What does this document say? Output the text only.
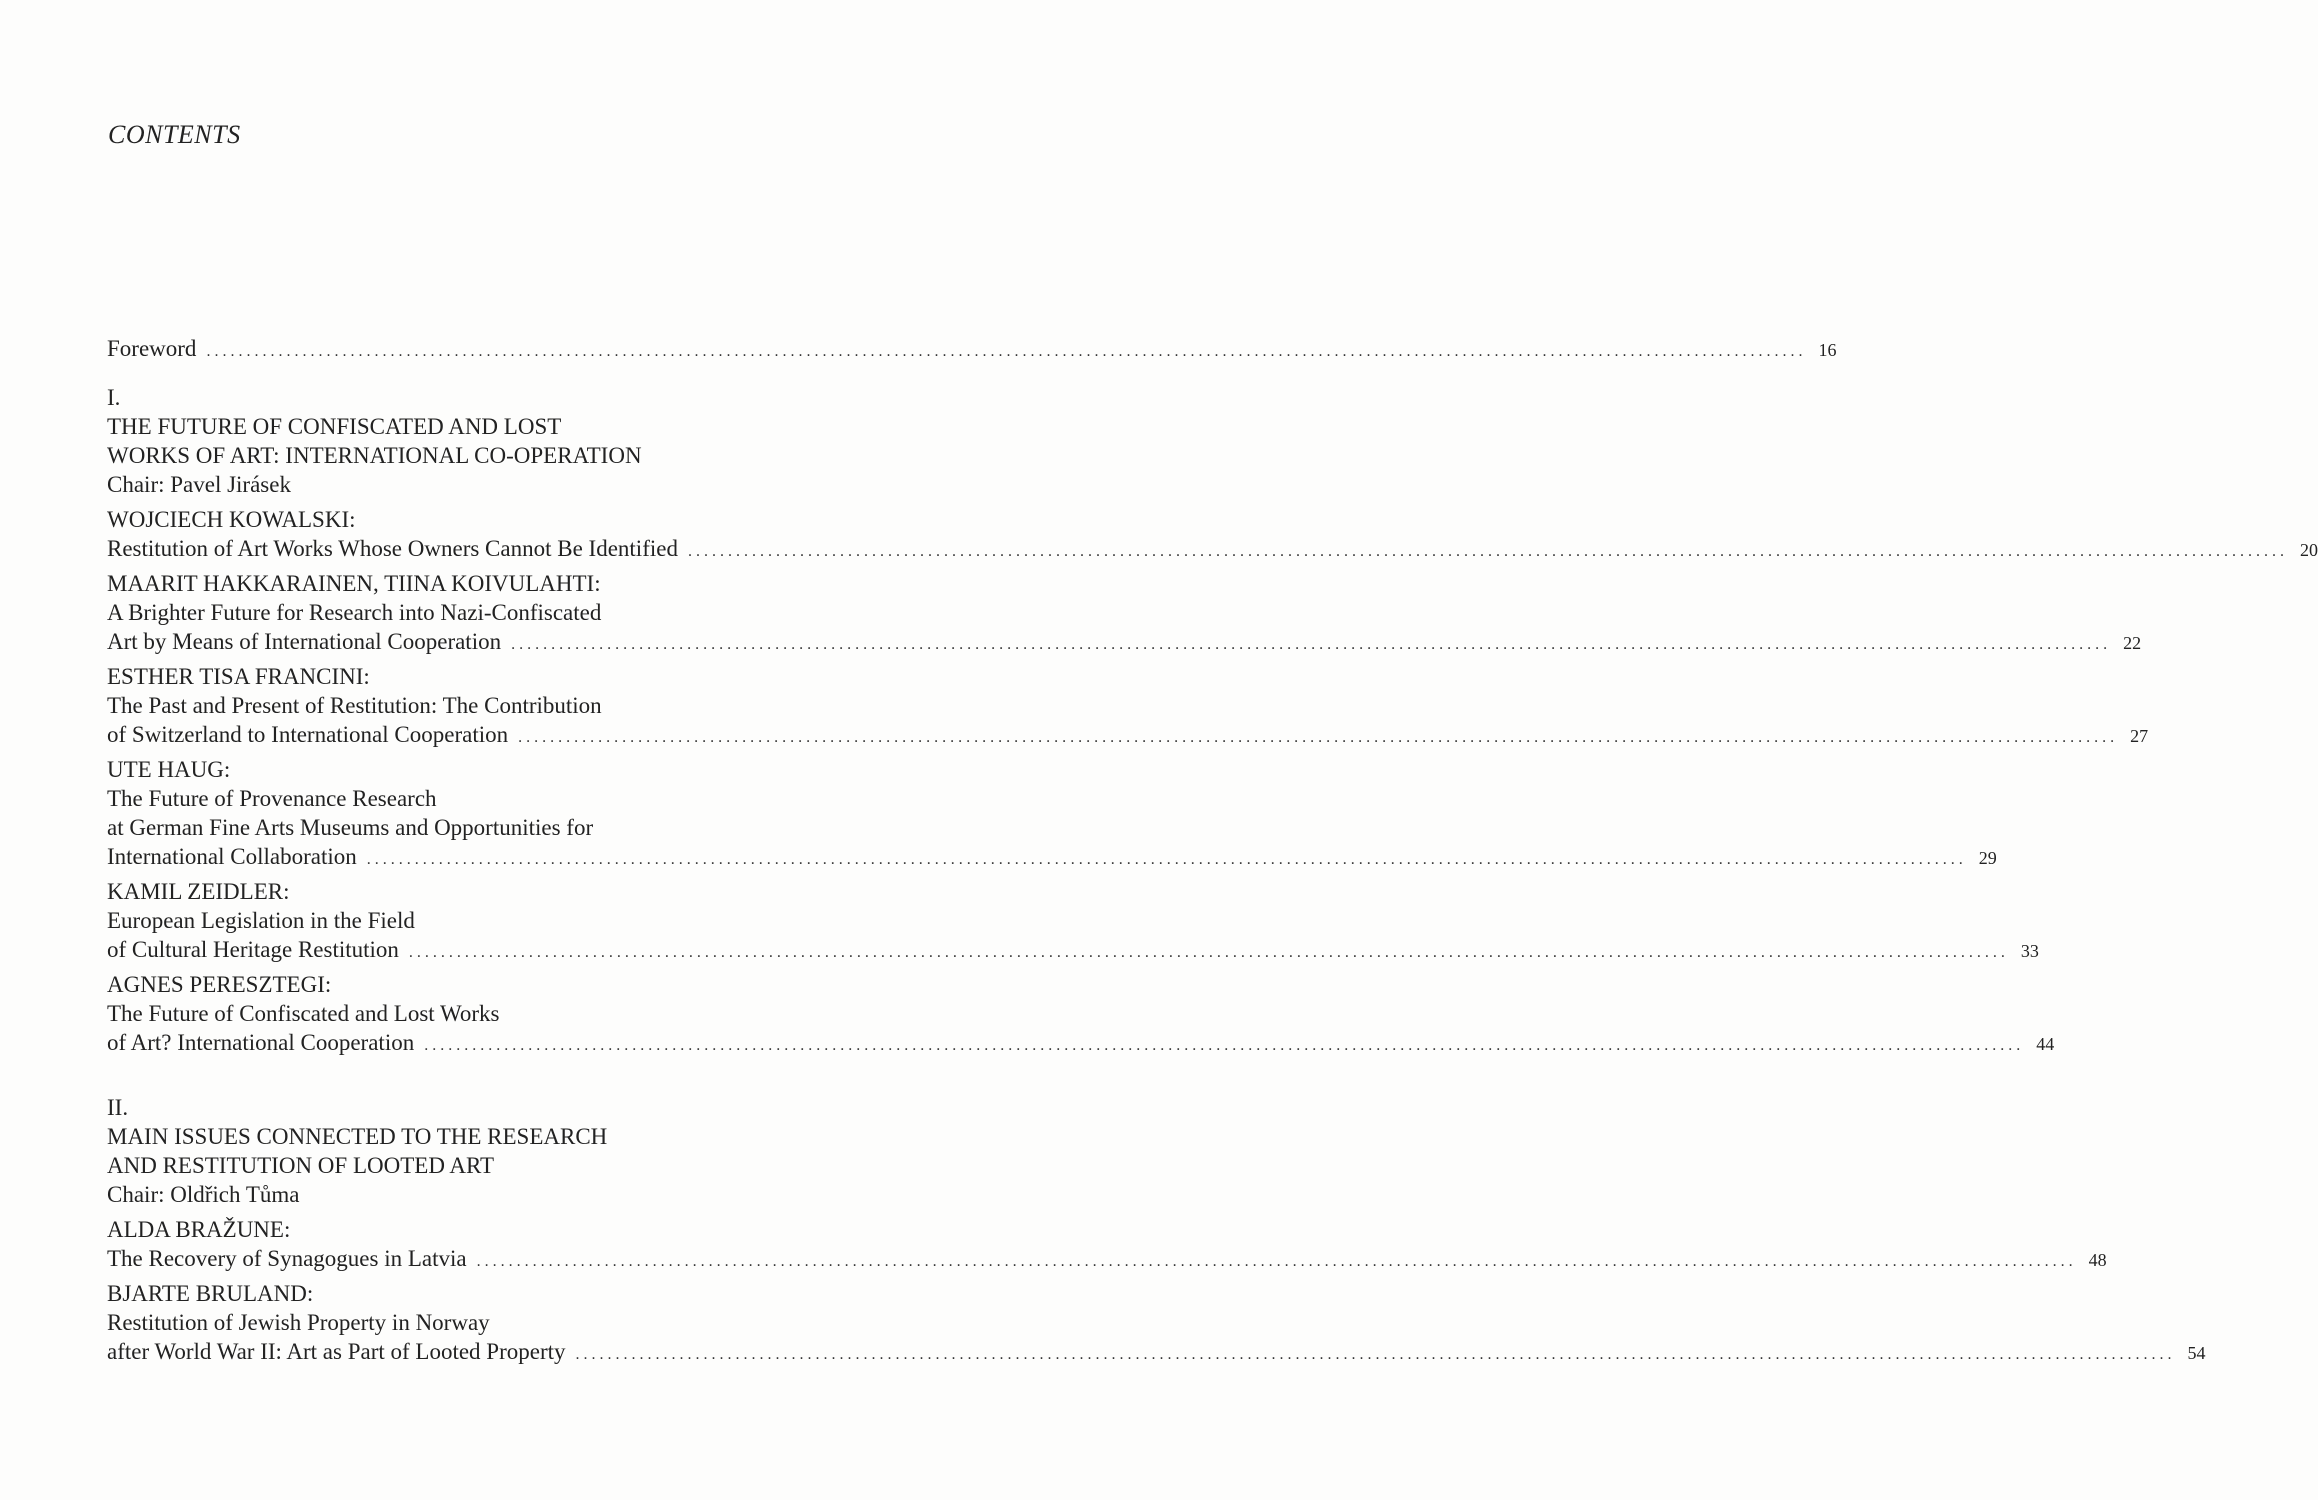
CONTENTS
Foreword ........................................................................................................................................................................................................ 16
I.
THE FUTURE OF CONFISCATED AND LOST
WORKS OF ART: INTERNATIONAL CO-OPERATION
Chair: Pavel Jirásek
WOJCIECH KOWALSKI:
Restitution of Art Works Whose Owners Cannot Be Identified ........................................................................................................................................................................................................ 20
MAARIT HAKKARAINEN, TIINA KOIVULAHTI:
A Brighter Future for Research into Nazi-Confiscated
Art by Means of International Cooperation ........................................................................................................................................................................................................ 22
ESTHER TISA FRANCINI:
The Past and Present of Restitution: The Contribution
of Switzerland to International Cooperation ........................................................................................................................................................................................................ 27
UTE HAUG:
The Future of Provenance Research
at German Fine Arts Museums and Opportunities for
International Collaboration ........................................................................................................................................................................................................ 29
KAMIL ZEIDLER:
European Legislation in the Field
of Cultural Heritage Restitution ........................................................................................................................................................................................................ 33
AGNES PERESZTEGI:
The Future of Confiscated and Lost Works
of Art? International Cooperation ........................................................................................................................................................................................................ 44
II.
MAIN ISSUES CONNECTED TO THE RESEARCH
AND RESTITUTION OF LOOTED ART
Chair: Oldřich Tůma
ALDA BRAŽUNE:
The Recovery of Synagogues in Latvia ........................................................................................................................................................................................................ 48
BJARTE BRULAND:
Restitution of Jewish Property in Norway
after World War II: Art as Part of Looted Property ........................................................................................................................................................................................................ 54
